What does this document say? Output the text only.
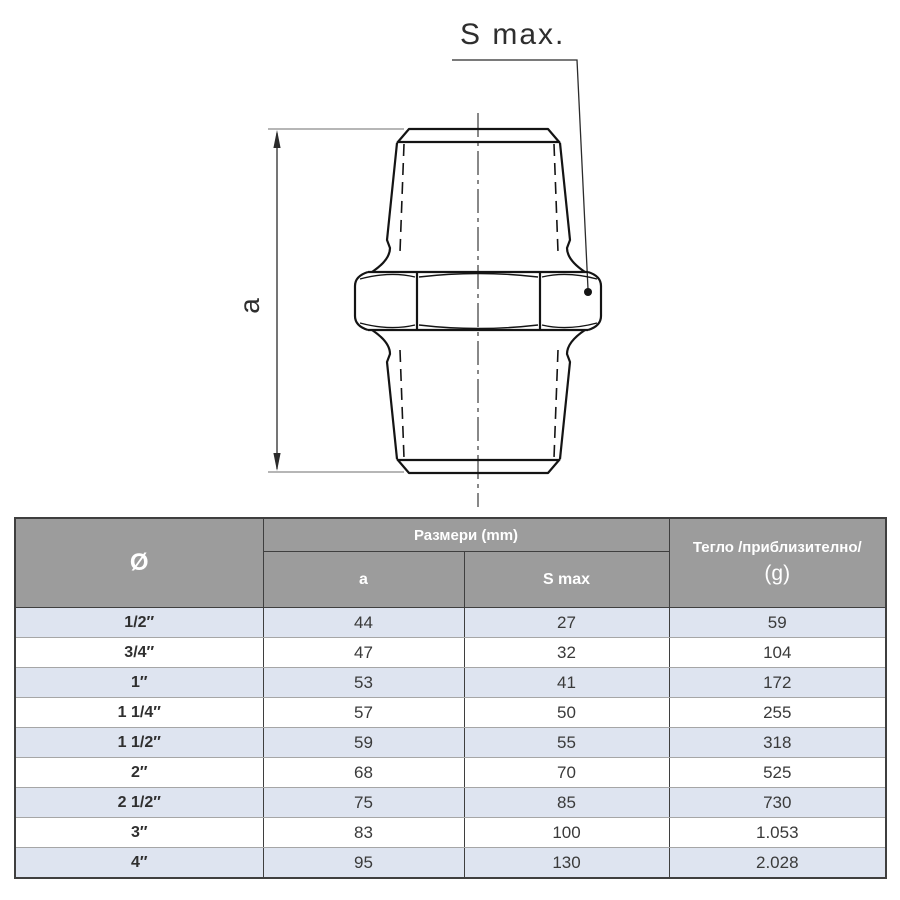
a
S max.
Ø	Размери (mm)		Тегло /приблизително/
(g)

	a	S max	
1/2″	44	27	59
3/4″	47	32	104
1″	53	41	172
1 1/4″	57	50	255
1 1/2″	59	55	318
2″	68	70	525
2 1/2″	75	85	730
3″	83	100	1.053
4″	95	130	2.028
